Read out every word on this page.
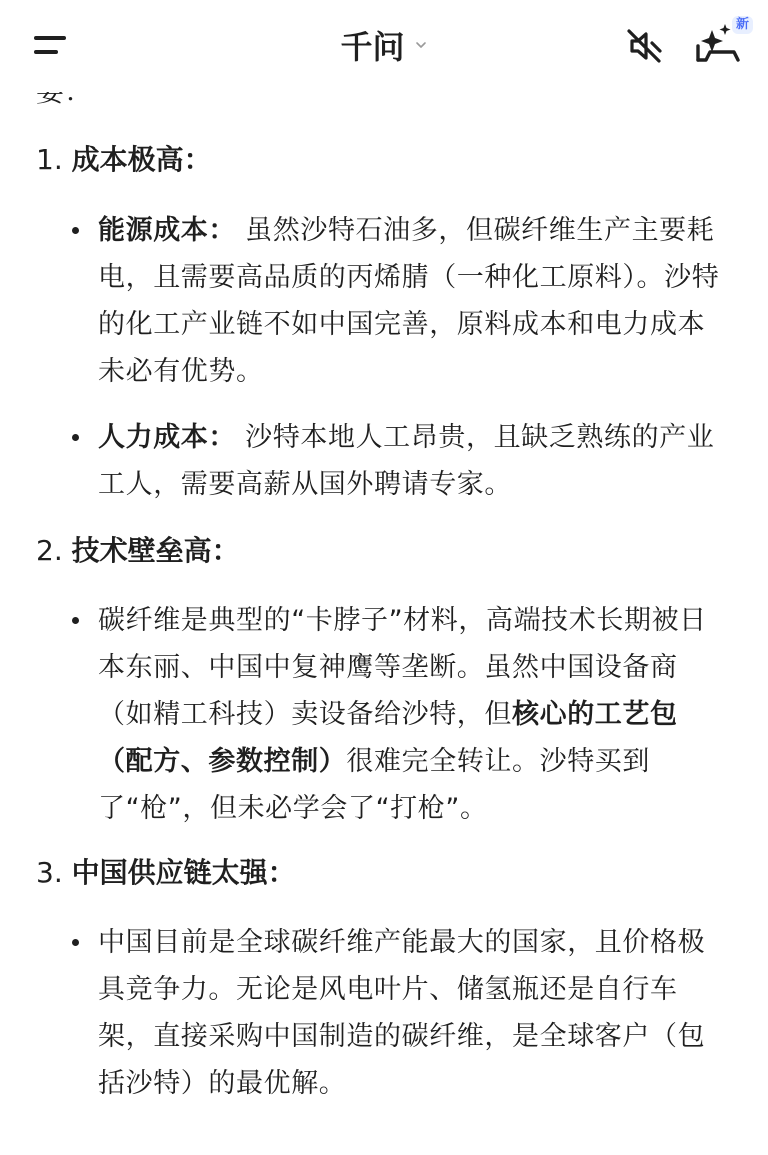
1. 成本极高：
能源成本： 虽然沙特石油多，但碳纤维生产主要耗电，且需要高品质的丙烯腈（一种化工原料）。沙特的化工产业链不如中国完善，原料成本和电力成本未必有优势。
人力成本： 沙特本地人工昂贵，且缺乏熟练的产业工人，需要高薪从国外聘请专家。
2. 技术壁垒高：
碳纤维是典型的“卡脖子”材料，高端技术长期被日本东丽、中国中复神鹰等垄断。虽然中国设备商（如精工科技）卖设备给沙特，但核心的工艺包（配方、参数控制）很难完全转让。沙特买到了“枪”，但未必学会了“打枪”。
3. 中国供应链太强：
中国目前是全球碳纤维产能最大的国家，且价格极具竞争力。无论是风电叶片、储氢瓶还是自行车架，直接采购中国制造的碳纤维，是全球客户（包括沙特）的最优解。
千问
新
